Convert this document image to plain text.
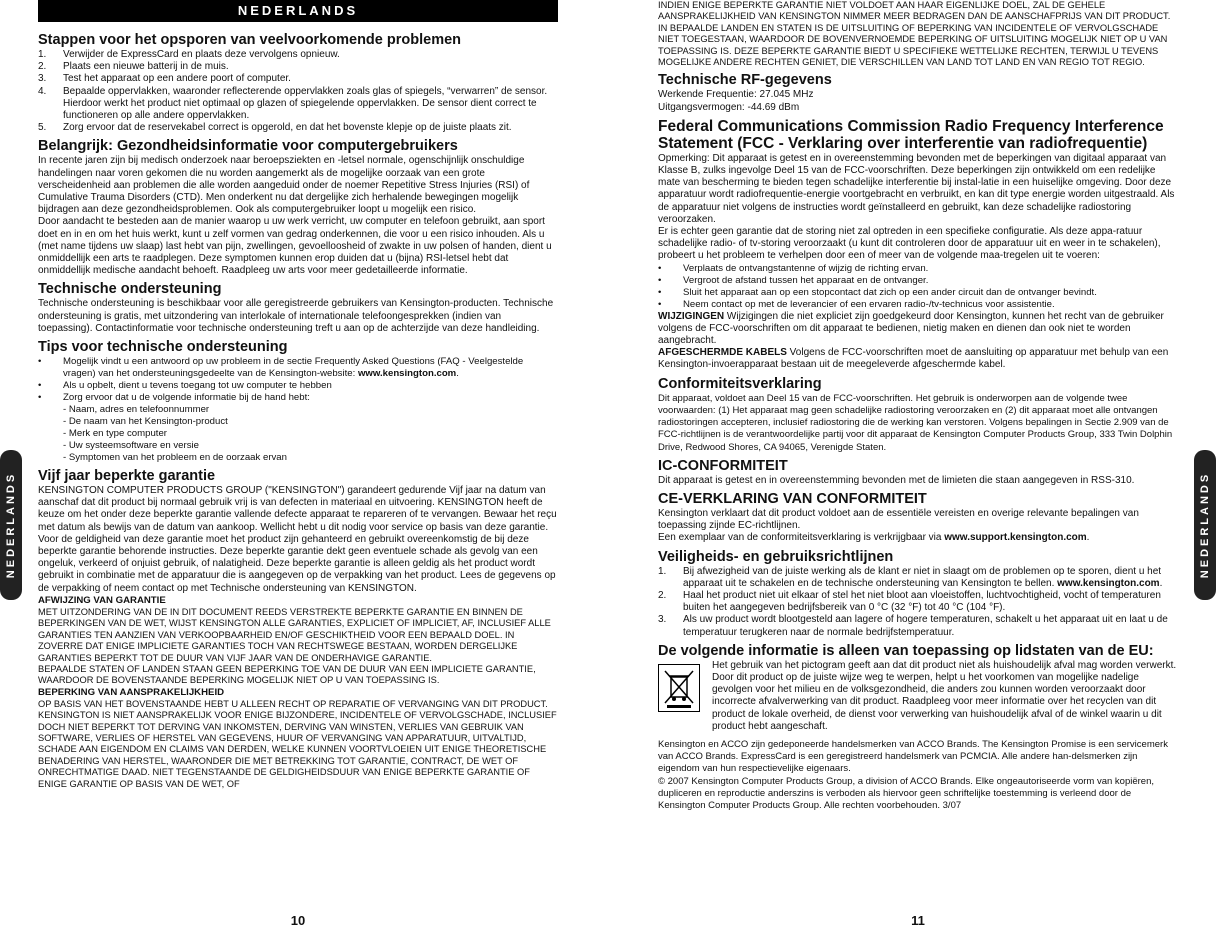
NEDERLANDS	NEDERLANDS
NEDERLANDS
Stappen voor het opsporen van veelvoorkomende problemen
1.	Verwijder de ExpressCard en plaats deze vervolgens opnieuw.
2.	Plaats een nieuwe batterij in de muis.
3.	Test het apparaat op een andere poort of computer.
4.	Bepaalde oppervlakken, waaronder reflecterende oppervlakken zoals glas of spiegels, “verwarren” de sensor. Hierdoor werkt het product niet optimaal op glazen of spiegelende oppervlakken. De sensor dient correct te functioneren op alle andere oppervlakken.
5.	Zorg ervoor dat de reservekabel correct is opgerold, en dat het bovenste klepje op de juiste plaats zit.
Belangrijk: Gezondheidsinformatie voor computergebruikers

In recente jaren zijn bij medisch onderzoek naar beroepsziekten en -letsel normale, ogenschijnlijk onschuldige handelingen naar voren gekomen die nu worden aangemerkt als de mogelijke oorzaak van een grote verscheidenheid aan problemen die alle worden aangeduid onder de noemer Repetitive Stress Injuries (RSI) of Cumulative Trauma Disorders (CTD). Men onderkent nu dat dergelijke zich herhalende bewegingen mogelijk bijdragen aan deze gezondheidsproblemen. Ook als computergebruiker loopt u mogelijk een risico.

Door aandacht te besteden aan de manier waarop u uw werk verricht, uw computer en telefoon gebruikt, aan sport doet en in en om het huis werkt, kunt u zelf vormen van gedrag onderkennen, die voor u een risico inhouden. Als u (met name tijdens uw slaap) last hebt van pijn, zwellingen, gevoelloosheid of zwakte in uw polsen of handen, dient u onmiddellijk een arts te raadplegen. Deze symptomen kunnen erop duiden dat u (bijna) RSI-letsel hebt dat onmiddellijk medische aandacht behoeft. Raadpleeg uw arts voor meer gedetailleerde informatie.

Technische ondersteuning

Technische ondersteuning is beschikbaar voor alle geregistreerde gebruikers van Kensington-producten. Technische ondersteuning is gratis, met uitzondering van interlokale of internationale telefoongesprekken (indien van toepassing). Contactinformatie voor technische ondersteuning treft u aan op de achterzijde van deze handleiding.

Tips voor technische ondersteuning
•	Mogelijk vindt u een antwoord op uw probleem in de sectie Frequently Asked Questions (FAQ - Veelgestelde vragen) van het ondersteuningsgedeelte van de Kensington-website: www.kensington.com.
•	Als u opbelt, dient u tevens toegang tot uw computer te hebben
•	Zorg ervoor dat u de volgende informatie bij de hand hebt:
- Naam, adres en telefoonnummer
- De naam van het Kensington-product
- Merk en type computer
- Uw systeemsoftware en versie
- Symptomen van het probleem en de oorzaak ervan
Vijf jaar beperkte garantie

KENSINGTON COMPUTER PRODUCTS GROUP ("KENSINGTON") garandeert gedurende Vijf jaar na datum van aanschaf dat dit product bij normaal gebruik vrij is van defecten in materiaal en uitvoering. KENSINGTON heeft de keuze om het onder deze beperkte garantie vallende defecte apparaat te repareren of te vervangen. Bewaar het reçu met datum als bewijs van de datum van aankoop. Wellicht hebt u dit nodig voor service op basis van deze garantie. Voor de geldigheid van deze garantie moet het product zijn gehanteerd en gebruikt overeenkomstig de bij deze beperkte garantie behorende instructies. Deze beperkte garantie dekt geen eventuele schade als gevolg van een ongeluk, verkeerd of onjuist gebruik, of nalatigheid. Deze beperkte garantie is alleen geldig als het product wordt gebruikt in combinatie met de apparatuur die is aangegeven op de verpakking van het product. Lees de gegevens op de verpakking of neem contact op met Technische ondersteuning van KENSINGTON.

AFWIJZING VAN GARANTIE

MET UITZONDERING VAN DE IN DIT DOCUMENT REEDS VERSTREKTE BEPERKTE GARANTIE EN BINNEN DE BEPERKINGEN VAN DE WET, WIJST KENSINGTON ALLE GARANTIES, EXPLICIET OF IMPLICIET, AF, INCLUSIEF ALLE GARANTIES TEN AANZIEN VAN VERKOOPBAARHEID EN/OF GESCHIKTHEID VOOR EEN BEPAALD DOEL. IN ZOVERRE DAT ENIGE IMPLICIETE GARANTIES TOCH VAN RECHTSWEGE BESTAAN, WORDEN DERGELIJKE GARANTIES BEPERKT TOT DE DUUR VAN VIJF JAAR VAN DE ONDERHAVIGE GARANTIE.

BEPAALDE STATEN OF LANDEN STAAN GEEN BEPERKING TOE VAN DE DUUR VAN EEN IMPLICIETE GARANTIE, WAARDOOR DE BOVENSTAANDE BEPERKING MOGELIJK NIET OP U VAN TOEPASSING IS.

BEPERKING VAN AANSPRAKELIJKHEID

OP BASIS VAN HET BOVENSTAANDE HEBT U ALLEEN RECHT OP REPARATIE OF VERVANGING VAN DIT PRODUCT. KENSINGTON IS NIET AANSPRAKELIJK VOOR ENIGE BIJZONDERE, INCIDENTELE OF VERVOLGSCHADE, INCLUSIEF DOCH NIET BEPERKT TOT DERVING VAN INKOMSTEN, DERVING VAN WINSTEN, VERLIES VAN GEBRUIK VAN SOFTWARE, VERLIES OF HERSTEL VAN GEGEVENS, HUUR OF VERVANGING VAN APPARATUUR, UITVALTIJD, SCHADE AAN EIGENDOM EN CLAIMS VAN DERDEN, WELKE KUNNEN VOORTVLOEIEN UIT ENIGE THEORETISCHE BENADERING VAN HERSTEL, WAARONDER DIE MET BETREKKING TOT GARANTIE, CONTRACT, DE WET OF ONRECHTMATIGE DAAD. NIET TEGENSTAANDE DE GELDIGHEIDSDUUR VAN ENIGE BEPERKTE GARANTIE OF ENIGE GARANTIE OP BASIS VAN DE WET, OF

10

INDIEN ENIGE BEPERKTE GARANTIE NIET VOLDOET AAN HAAR EIGENLIJKE DOEL, ZAL DE GEHELE AANSPRAKELIJKHEID VAN KENSINGTON NIMMER MEER BEDRAGEN DAN DE AANSCHAFPRIJS VAN DIT PRODUCT. IN BEPAALDE LANDEN EN STATEN IS DE UITSLUITING OF BEPERKING VAN INCIDENTELE OF VERVOLGSCHADE NIET TOEGESTAAN, WAARDOOR DE BOVENVERNOEMDE BEPERKING OF UITSLUITING MOGELIJK NIET OP U VAN TOEPASSING IS. DEZE BEPERKTE GARANTIE BIEDT U SPECIFIEKE WETTELIJKE RECHTEN, TERWIJL U TEVENS MOGELIJKE ANDERE RECHTEN GENIET, DIE VERSCHILLEN VAN LAND TOT LAND EN VAN REGIO TOT REGIO.

Technische RF-gegevens
Werkende Frequentie: 27.045 MHz
Uitgangsvermogen: -44.69 dBm
Federal Communications Commission Radio Frequency Interference Statement (FCC - Verklaring over interferentie van radiofrequentie)

Opmerking: Dit apparaat is getest en in overeenstemming bevonden met de beperkingen van digitaal apparaat van Klasse B, zulks ingevolge Deel 15 van de FCC-voorschriften. Deze beperkingen zijn ontwikkeld om een redelijke mate van bescherming te bieden tegen schadelijke interferentie bij instal-latie in een huiselijke omgeving. Door deze apparatuur wordt radiofrequentie-energie voortgebracht en verbruikt, en kan dit type energie worden uitgestraald. Als de apparatuur niet volgens de instructies wordt geïnstalleerd en gebruikt, kan deze schadelijke radiostoring veroorzaken.

Er is echter geen garantie dat de storing niet zal optreden in een specifieke configuratie. Als deze appa-ratuur schadelijke radio- of tv-storing veroorzaakt (u kunt dit controleren door de apparatuur uit en weer in te schakelen), probeert u het probleem te verhelpen door een of meer van de volgende maa-tregelen uit te voeren:

•	Verplaats de ontvangstantenne of wijzig de richting ervan.
•	Vergroot de afstand tussen het apparaat en de ontvanger.
•	Sluit het apparaat aan op een stopcontact dat zich op een ander circuit dan de ontvanger bevindt.
•	Neem contact op met de leverancier of een ervaren radio-/tv-technicus voor assistentie.

WIJZIGINGEN Wijzigingen die niet expliciet zijn goedgekeurd door Kensington, kunnen het recht van de gebruiker volgens de FCC-voorschriften om dit apparaat te bedienen, nietig maken en dienen dan ook niet te worden aangebracht.

AFGESCHERMDE KABELS Volgens de FCC-voorschriften moet de aansluiting op apparatuur met behulp van een Kensington-invoerapparaat bestaan uit de meegeleverde afgeschermde kabel.

Conformiteitsverklaring

Dit apparaat, voldoet aan Deel 15 van de FCC-voorschriften. Het gebruik is onderworpen aan de volgende twee voorwaarden: (1) Het apparaat mag geen schadelijke radiostoring veroorzaken en (2) dit apparaat moet alle ontvangen radiostoringen accepteren, inclusief radiostoring die de werking kan verstoren. Volgens bepalingen in Sectie 2.909 van de FCC-richtlijnen is de verantwoordelijke partij voor dit apparaat de Kensington Computer Products Group, 333 Twin Dolphin Drive, Redwood Shores, CA 94065, Verenigde Staten.

IC-CONFORMITEIT

Dit apparaat is getest en in overeenstemming bevonden met de limieten die staan aangegeven in RSS-310.

CE-VERKLARING VAN CONFORMITEIT

Kensington verklaart dat dit product voldoet aan de essentiële vereisten en overige relevante bepalingen van toepassing zijnde EC-richtlijnen.

Een exemplaar van de conformiteitsverklaring is verkrijgbaar via www.support.kensington.com.

Veiligheids- en gebruiksrichtlijnen
1.	Bij afwezigheid van de juiste werking als de klant er niet in slaagt om de problemen op te sporen, dient u het apparaat uit te schakelen en de technische ondersteuning van Kensington te bellen. www.kensington.com.
2.	Haal het product niet uit elkaar of stel het niet bloot aan vloeistoffen, luchtvochtigheid, vocht of temperaturen buiten het aangegeven bedrijfsbereik van 0 °C (32 °F) tot 40 °C (104 °F).
3.	Als uw product wordt blootgesteld aan lagere of hogere temperaturen, schakelt u het apparaat uit en laat u de temperatuur terugkeren naar de normale bedrijfstemperatuur.
De volgende informatie is alleen van toepassing op lidstaten van de EU:

Het gebruik van het pictogram geeft aan dat dit product niet als huishoudelijk afval mag worden verwerkt. Door dit product op de juiste wijze weg te werpen, helpt u het voorkomen van mogelijke nadelige gevolgen voor het milieu en de volksgezondheid, die anders zou kunnen worden veroorzaakt door incorrecte afvalverwerking van dit product. Raadpleeg voor meer informatie over het recyclen van dit product de lokale overheid, de dienst voor verwerking van huishoudelijk afval of de winkel waarin u dit product hebt aangeschaft.

Kensington en ACCO zijn gedeponeerde handelsmerken van ACCO Brands. The Kensington Promise is een servicemerk van ACCO Brands. ExpressCard is een geregistreerd handelsmerk van PCMCIA. Alle andere han-delsmerken zijn eigendom van hun respectievelijke eigenaars.

© 2007 Kensington Computer Products Group, a division of ACCO Brands. Elke ongeautoriseerde vorm van kopiëren, dupliceren en reproductie anderszins is verboden als hiervoor geen schriftelijke toestemming is verleend door de Kensington Computer Products Group. Alle rechten voorbehouden. 3/07

11
